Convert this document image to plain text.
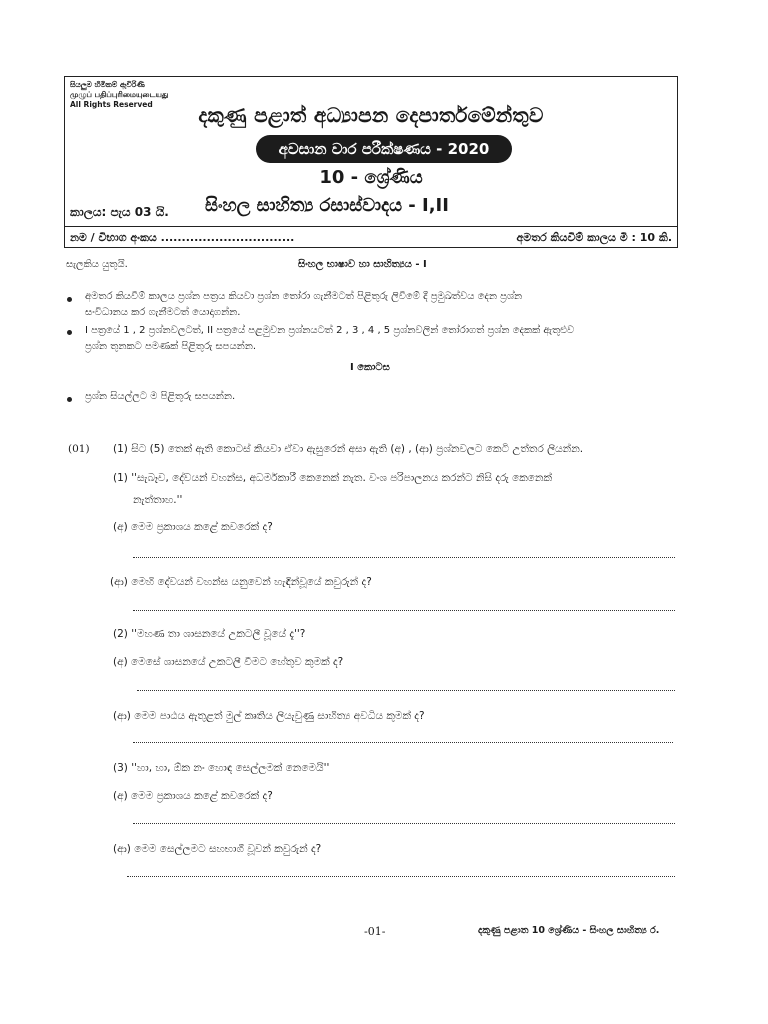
සියලුම හිමිකම් ඇවිරිණි
முழுப் பதிப்புரிமையுடையது
All Rights Reserved	දකුණු පළාත් අධ්‍යාපන දෙපාර්තමේන්තුව
අවසාන වාර පරීක්ෂණය - 2020
10 - ශ්‍රේණිය
සිංහල සාහිත්‍ය රසාස්වාදය - I,II
කාලය: පැය 03 යි.
නම / විභාග අංකය ................................	අමතර කියවීම් කාලය මි : 10 කි.
සැලකිය යුතුයි.	සිංහල භාෂාව හා සාහිත්‍යය - I
අමතර කියවීම් කාලය ප්‍රශ්න පත්‍රය කියවා ප්‍රශ්න තෝරා ගැනීමටත් පිළිතුරු ලිවීමේ දී ප්‍රමුඛත්වය දෙන ප්‍රශ්න
සංවිධානය කර ගැනීමටත් යොදාගන්න.
I පත්‍රයේ 1 , 2 ප්‍රශ්නවලටත්, II පත්‍රයේ පළමුවන ප්‍රශ්නයටත් 2 , 3 , 4 , 5 ප්‍රශ්නවලින් තෝරාගත් ප්‍රශ්න දෙකක් ඇතුළුව
ප්‍රශ්න තුනකට පමණක් පිළිතුරු සපයන්න.
I කොටස
ප්‍රශ්න සියල්ලට ම පිළිතුරු සපයන්න.
(01) (1) සිට (5) තෙක් ඇති කොටස් කියවා ඒවා ඇසුරෙන් අසා ඇති (අ) , (ආ) ප්‍රශ්නවලට කෙටි උත්තර ලියන්න.
(1) ''සැබෑව, දේවයන් වහන්ස, අධර්මකාරී කෙනෙක් නැත. වංශ පරිපාලනය කරන්ට නිසි දරු කෙනෙක්
නැත්තාහ.''
(අ) මෙම ප්‍රකාශය කළේ කවරෙක් ද?
(ආ) මෙහි දේවයන් වහන්ස යනුවෙන් හැඳින්වූයේ කවුරුන් ද?
(2) ''මහණ තා ශාසනයේ උකටලී වූයේ දැ''?
(අ) මෙසේ ශාසනයේ උකටලී වීමට හේතුව කුමක් ද?
(ආ) මෙම පාඨය ඇතුළත් මුල් කෘතිය ලියැවුණු සාහිත්‍ය අවධිය කුමක් ද?
(3) ''හා, හා, ඕක නං හොඳ සෙල්ලමක් නෙමෙයි''
(අ) මෙම ප්‍රකාශය කළේ කවරෙක් ද?
(ආ) මෙම සෙල්ලමට සහභාගී වූවන් කවුරුන් ද?
-01-	දකුණු පළාත 10 ශ්‍රේණිය - සිංහල සාහිත්‍ය ර.
